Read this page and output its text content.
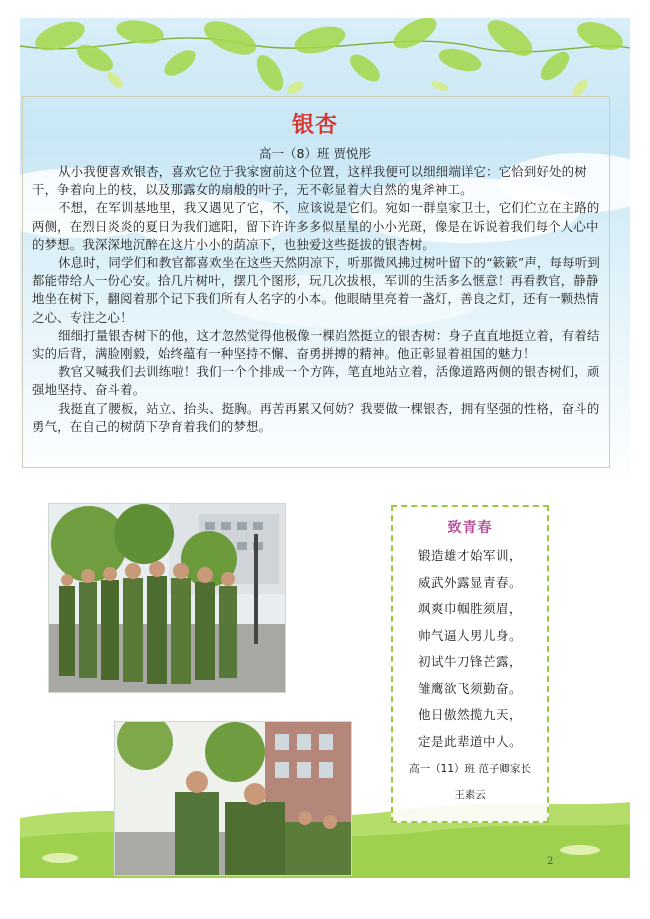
银杏
高一（8）班 贾悦彤

从小我便喜欢银杏，喜欢它位于我家窗前这个位置，这样我便可以细细端详它：它恰到好处的树干，争着向上的枝，以及那露女的扇般的叶子，无不彰显着大自然的鬼斧神工。

不想，在军训基地里，我又遇见了它，不，应该说是它们。宛如一群皇家卫士，它们伫立在主路的两侧，在烈日炎炎的夏日为我们遮阳，留下许许多多似星星的小小光斑，像是在诉说着我们每个人心中的梦想。我深深地沉醉在这片小小的荫凉下，也独爱这些挺拔的银杏树。

休息时，同学们和教官都喜欢坐在这些天然阴凉下，听那微风拂过树叶留下的“簌簌”声，每每听到都能带给人一份心安。拾几片树叶，摆几个图形，玩几次拔根，军训的生活多么惬意！再看教官，静静地坐在树下，翻阅着那个记下我们所有人名字的小本。他眼睛里亮着一盏灯，善良之灯，还有一颗热情之心、专注之心！

细细打量银杏树下的他，这才忽然觉得他极像一棵岿然挺立的银杏树：身子直直地挺立着，有着结实的后背，满脸刚毅，始终蕴有一种坚持不懈、奋勇拼搏的精神。他正彰显着祖国的魅力！

教官又喊我们去训练啦！我们一个个排成一个方阵，笔直地站立着，活像道路两侧的银杏树们，顽强地坚持、奋斗着。

我挺直了腰板，站立、抬头、挺胸。再苦再累又何妨？我要做一棵银杏，拥有坚强的性格，奋斗的勇气，在自己的树荫下孕育着我们的梦想。

致青春
锻造雄才始军训，
威武外露显青春。
飒爽巾帼胜须眉，
帅气逼人男儿身。
初试牛刀锋芒露，
雏鹰欲飞须勤奋。
他日傲然揽九天，
定是此辈道中人。
高一（11）班 范子卿家长
王素云
2
